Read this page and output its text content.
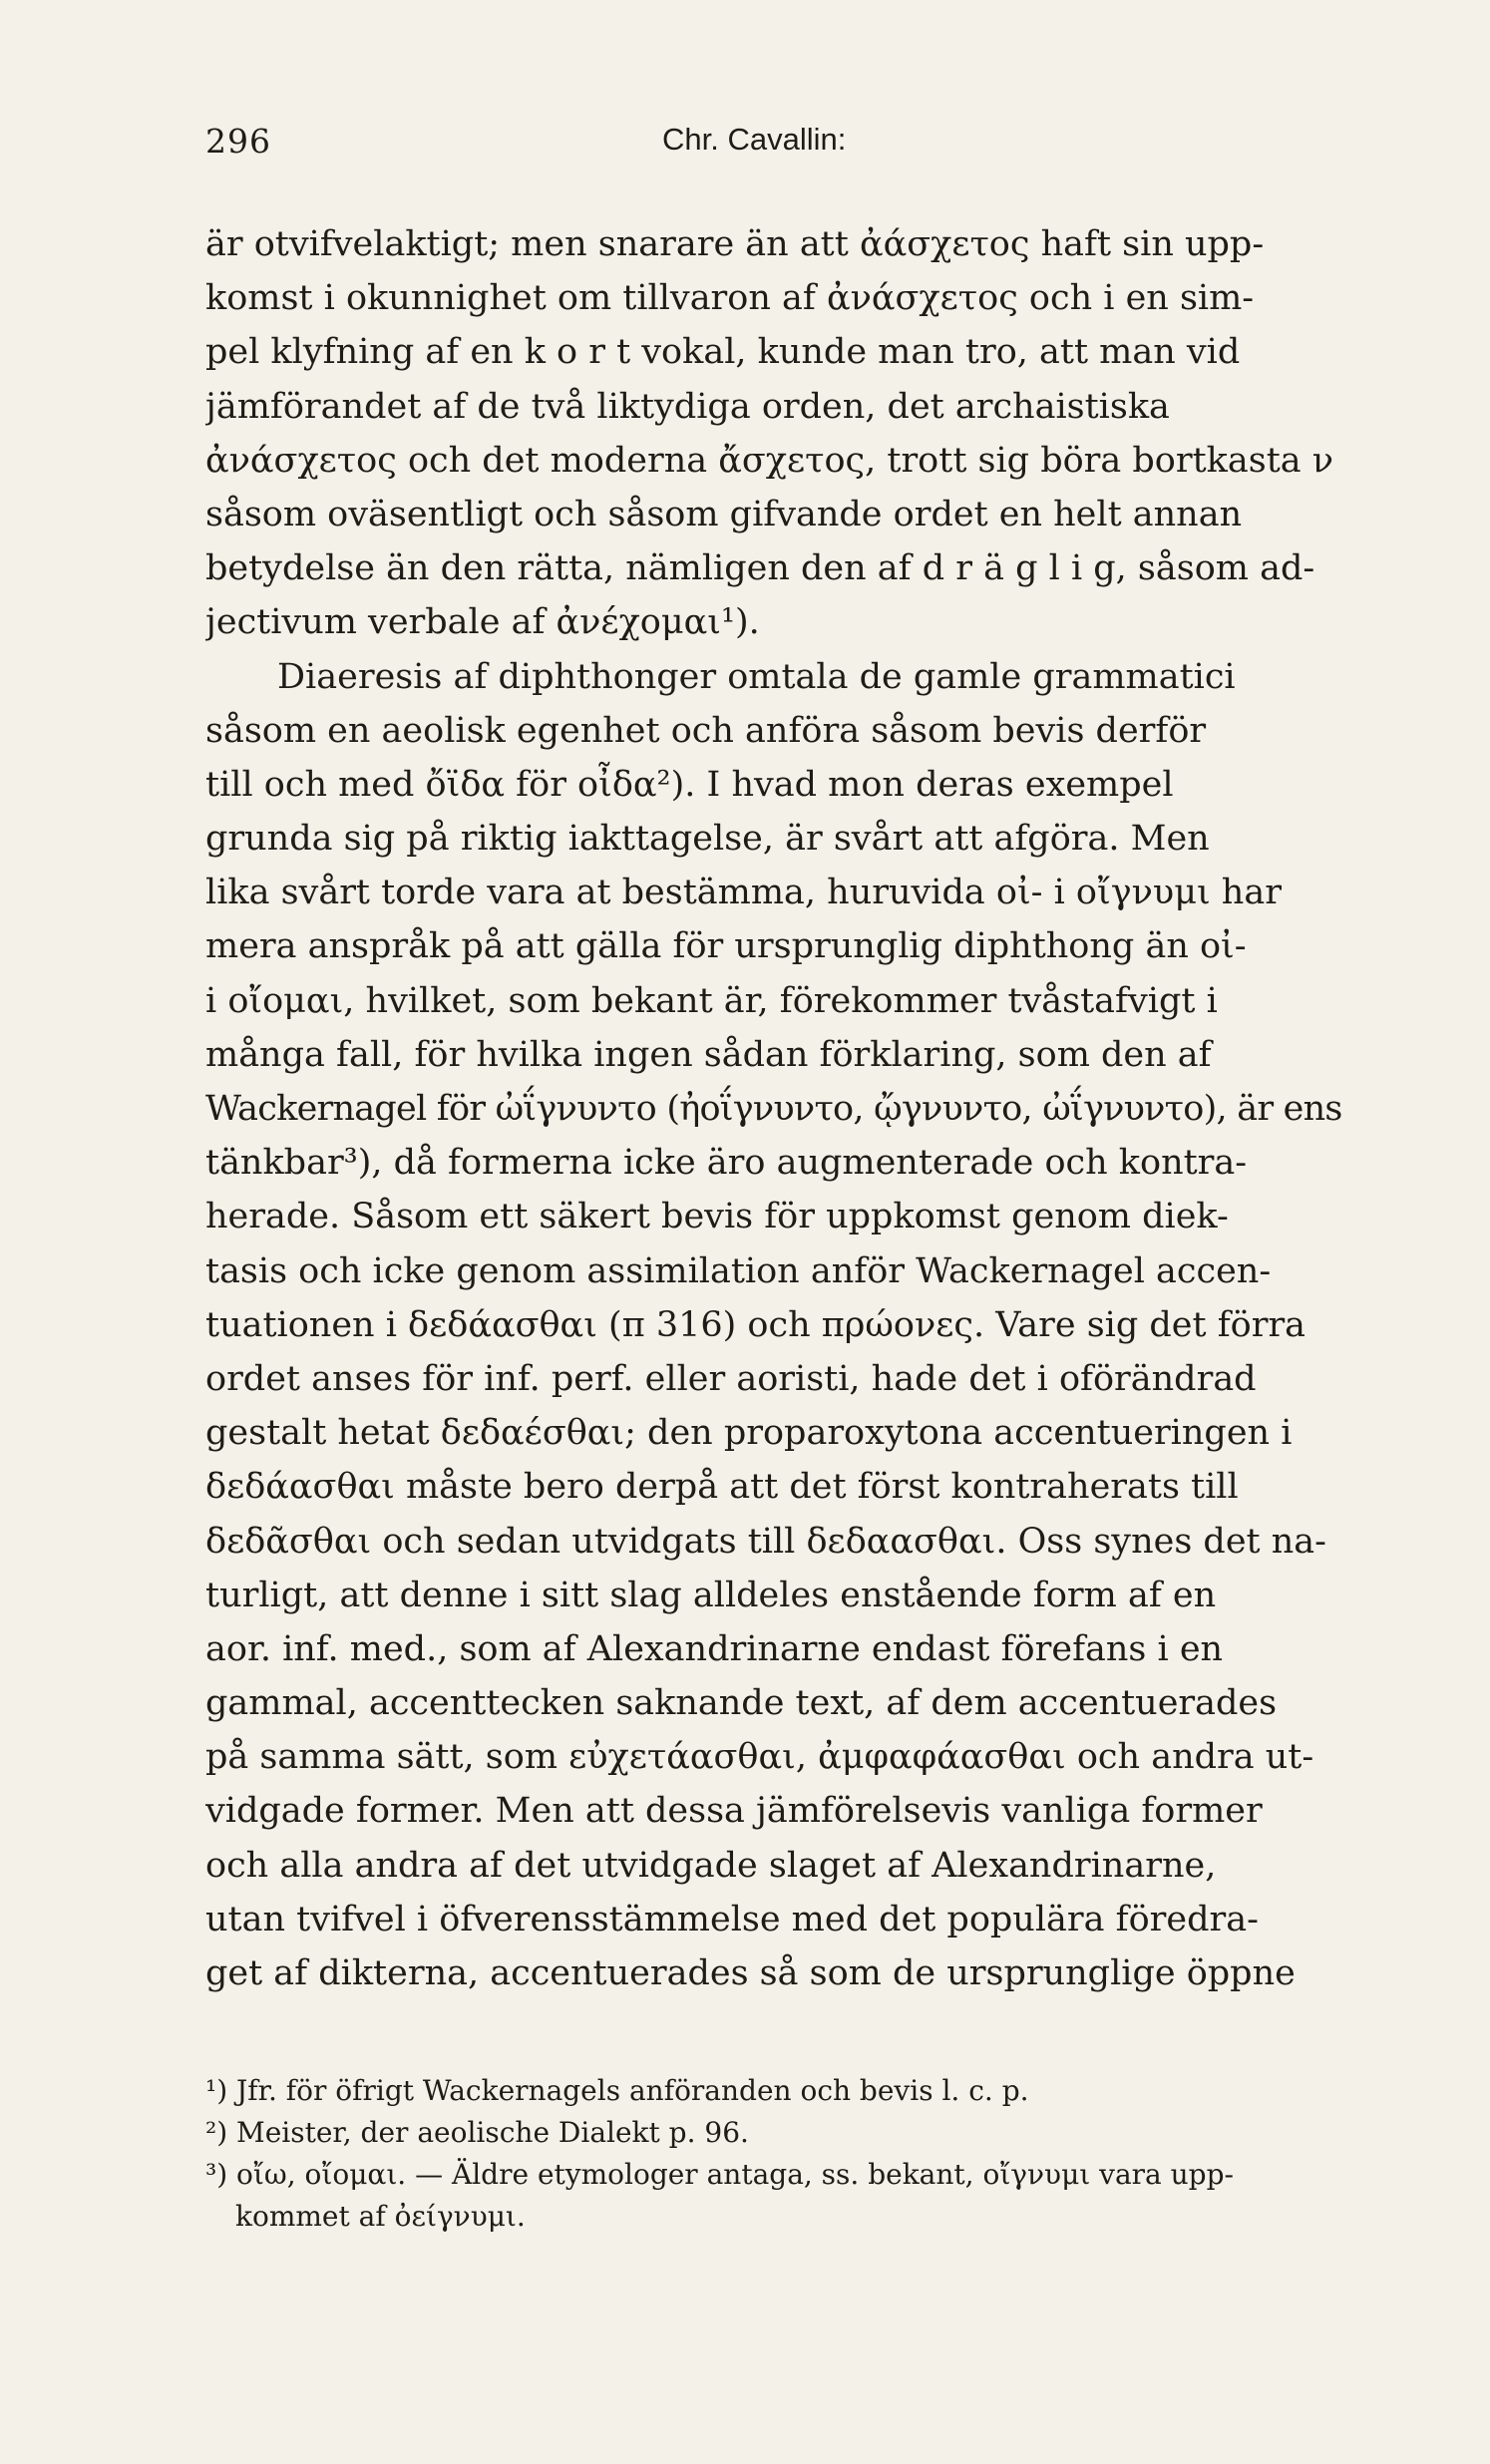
296	Chr. Cavallin:
är otvifvelaktigt; men snarare än att ἀάσχετος haft sin upp-
komst i okunnighet om tillvaron af ἀνάσχετος och i en sim-
pel klyfning af en k o r t vokal, kunde man tro, att man vid
jämförandet af de två liktydiga orden, det archaistiska
ἀνάσχετος och det moderna ἄσχετος, trott sig böra bortkasta ν
såsom oväsentligt och såsom gifvande ordet en helt annan
betydelse än den rätta, nämligen den af d r ä g l i g, såsom ad-
jectivum verbale af ἀνέχομαι¹).
Diaeresis af diphthonger omtala de gamle grammatici
såsom en aeolisk egenhet och anföra såsom bevis derför
till och med ὄϊδα för οἶδα²). I hvad mon deras exempel
grunda sig på riktig iakttagelse, är svårt att afgöra. Men
lika svårt torde vara at bestämma, huruvida οἰ- i οἴγνυμι har
mera anspråk på att gälla för ursprunglig diphthong än οἰ-
i οἴομαι, hvilket, som bekant är, förekommer tvåstafvigt i
många fall, för hvilka ingen sådan förklaring, som den af
Wackernagel för ὠΐγνυντο (ἠοΐγνυντο, ᾤγνυντο, ὠΐγνυντο), är ens
tänkbar³), då formerna icke äro augmenterade och kontra-
herade. Såsom ett säkert bevis för uppkomst genom diek-
tasis och icke genom assimilation anför Wackernagel accen-
tuationen i δεδάασθαι (π 316) och πρώονες. Vare sig det förra
ordet anses för inf. perf. eller aoristi, hade det i oförändrad
gestalt hetat δεδαέσθαι; den proparoxytona accentueringen i
δεδάασθαι måste bero derpå att det först kontraherats till
δεδᾶσθαι och sedan utvidgats till δεδαασθαι. Oss synes det na-
turligt, att denne i sitt slag alldeles enstående form af en
aor. inf. med., som af Alexandrinarne endast förefans i en
gammal, accenttecken saknande text, af dem accentuerades
på samma sätt, som εὐχετάασθαι, ἀμφαφάασθαι och andra ut-
vidgade former. Men att dessa jämförelsevis vanliga former
och alla andra af det utvidgade slaget af Alexandrinarne,
utan tvifvel i öfverensstämmelse med det populära föredra-
get af dikterna, accentuerades så som de ursprunglige öppne
¹) Jfr. för öfrigt Wackernagels anföranden och bevis l. c. p.
²) Meister, der aeolische Dialekt p. 96.
³) οἴω, οἴομαι. — Äldre etymologer antaga, ss. bekant, οἴγνυμι vara upp-
kommet af ὀείγνυμι.
